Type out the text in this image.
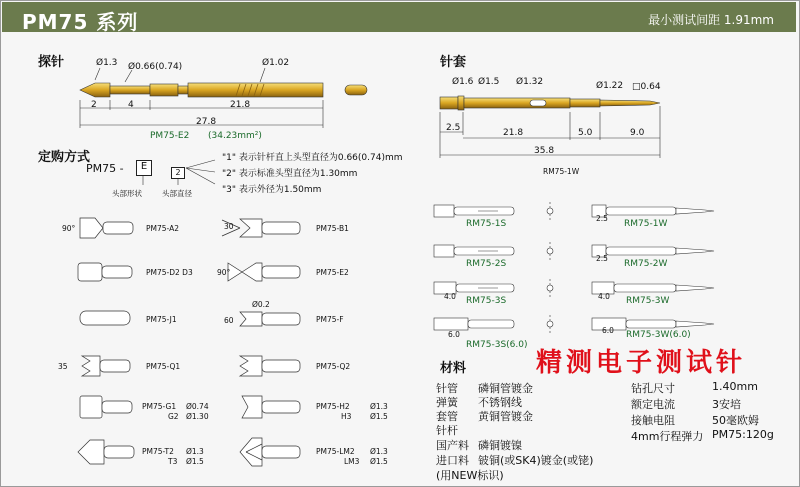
PM75 系列	最小测试间距 1.91mm
探针	Ø1.3 Ø0.66(0.74)	Ø1.02
2	4	21.8
27.8
PM75-E2 (34.23mm²)
定购方式
PM75 -	E
2
头部形状	头部直径
"1" 表示针杆直上头型直径为0.66(0.74)mm
"2" 表示标准头型直径为1.30mm
"3" 表示外径为1.50mm
90°	PM75-A2	30	PM75-B1
PM75-D2 D3	90°	PM75-E2
PM75-J1
Ø0.2
60	PM75-F
35	PM75-Q1	PM75-Q2
PM75-G1 Ø0.74
G2 Ø1.30
PM75-H2	Ø1.3
H3 Ø1.5
PM75-T2 Ø1.3
T3 Ø1.5
PM75-LM2 Ø1.3
LM3 Ø1.5
针套
Ø1.6 Ø1.5 Ø1.32	Ø1.22 □0.64
2.5	21.8	5.0	9.0
35.8
RM75-1W
RM75-1S
2.5
RM75-1W
RM75-2S
2.5
RM75-2W
4.0 RM75-3S	4.0 RM75-3W
6.0
RM75-3S(6.0)
6.0 RM75-3W(6.0)
材料
针管 磷铜管镀金
弹簧 不锈钢线
套管 黄铜管镀金
针杆
国产料 磷铜镀镍
进口料 铍铜(或SK4)镀金(或铑)
(用NEW标识)
钻孔尺寸	1.40mm
额定电流	3安培
接触电阻	50毫欧姆
4mm行程弹力 PM75:120g
精测电子测试针
